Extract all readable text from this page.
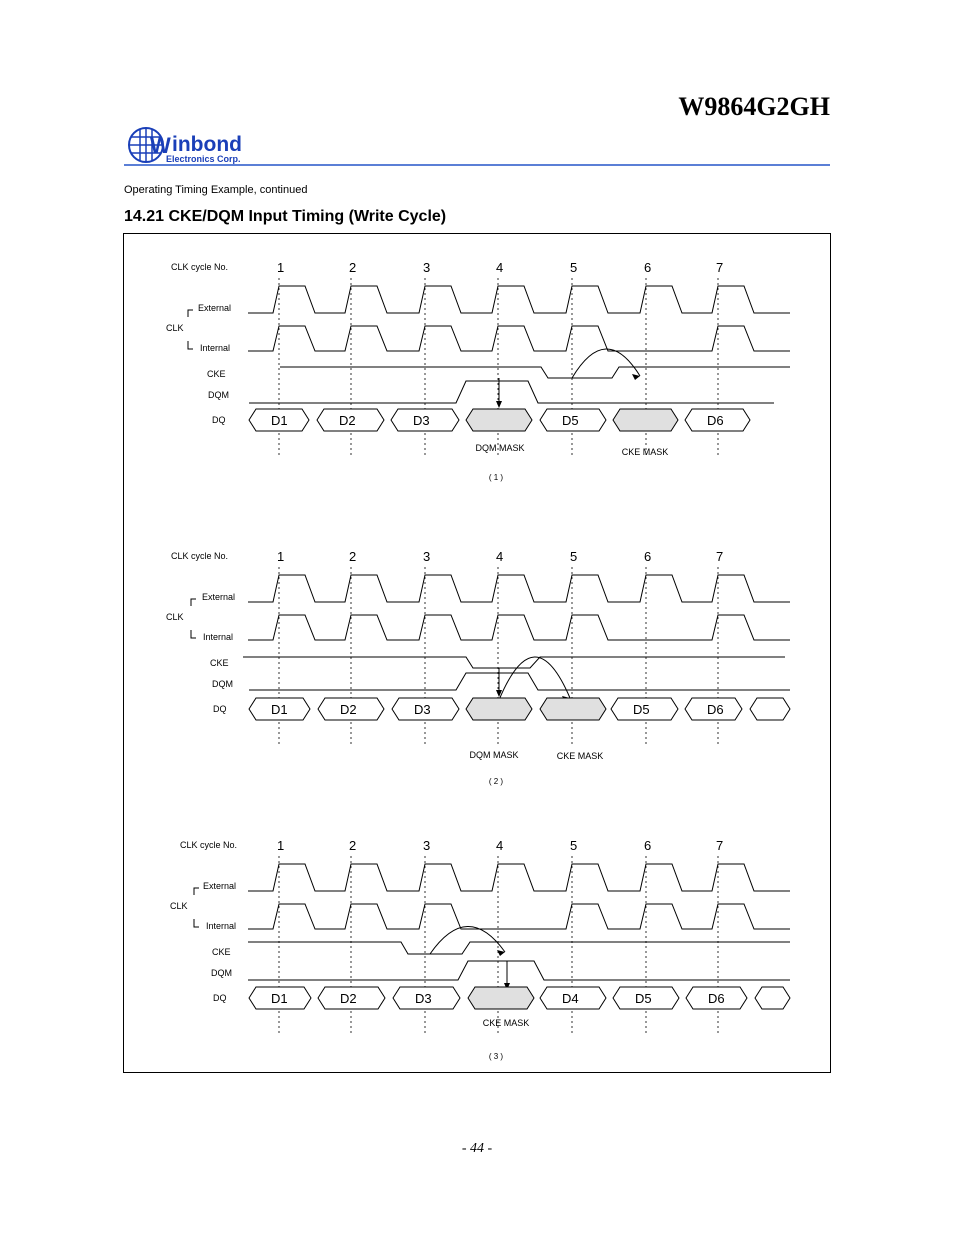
W9864G2GH
W inbond
Electronics Corp.
Operating Timing Example, continued
14.21 CKE/DQM Input Timing (Write Cycle)
CLK cycle No.
External
Internal
CLK
CKE
DQM
DQ
1	2	3	4	5	6	7
D1	D2	D3	D5	D6
DQM MASK	CKE MASK
( 1 )
CLK cycle No.
External
Internal
CLK
CKE
DQM
DQ
1	2	3	4	5	6	7
D1	D2	D3	D5	D6
DQM MASK	CKE MASK
( 2 )
CLK cycle No.
External
Internal
CLK
CKE
DQM
DQ
1	2	3	4	5	6	7
D1	D2	D3	D4	D5	D6
CKE MASK
( 3 )
- 44 -
